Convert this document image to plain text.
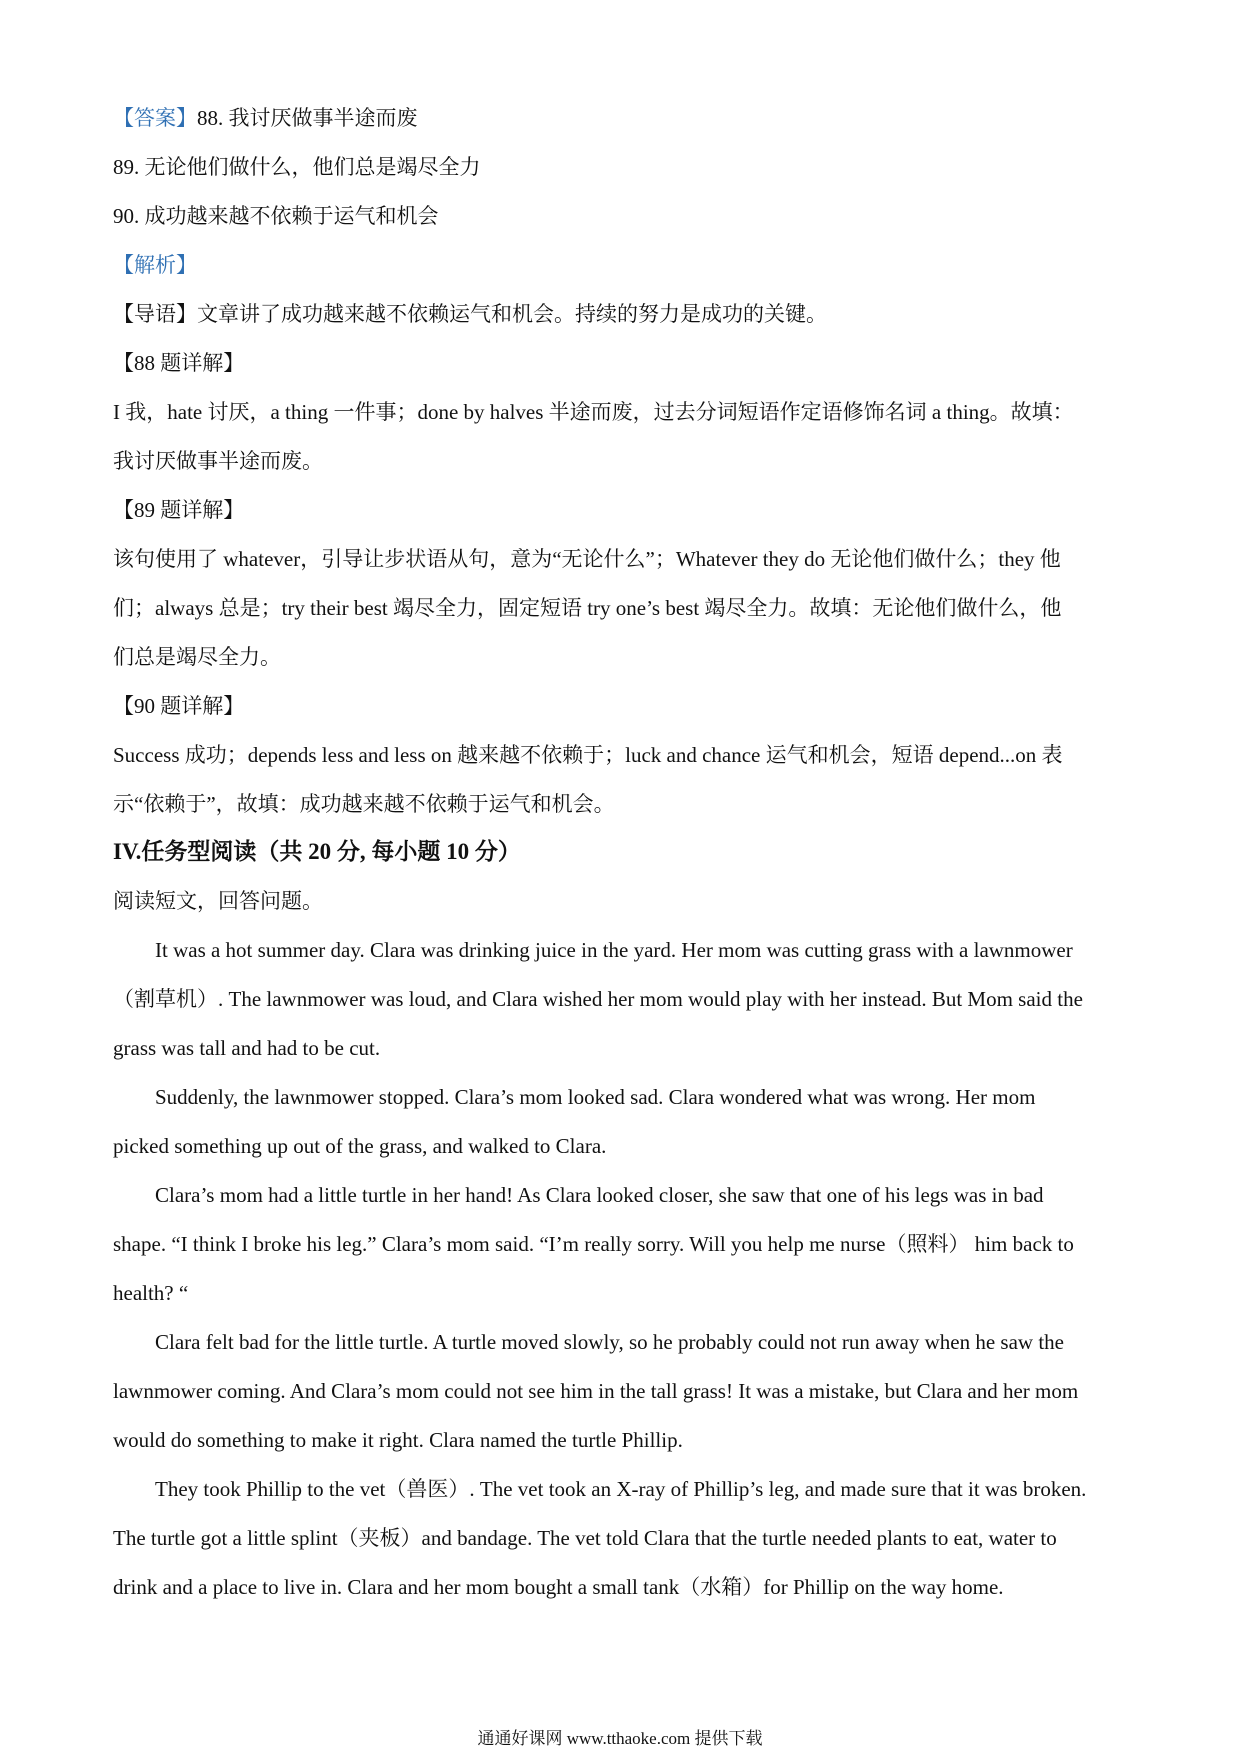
【答案】88. 我讨厌做事半途而废
89. 无论他们做什么，他们总是竭尽全力
90. 成功越来越不依赖于运气和机会
【解析】
【导语】文章讲了成功越来越不依赖运气和机会。持续的努力是成功的关键。
【88 题详解】
I 我，hate 讨厌，a thing 一件事；done by halves 半途而废，过去分词短语作定语修饰名词 a thing。故填：
我讨厌做事半途而废。
【89 题详解】
该句使用了 whatever，引导让步状语从句，意为“无论什么”；Whatever they do 无论他们做什么；they 他
们；always 总是；try their best 竭尽全力，固定短语 try one’s best 竭尽全力。故填：无论他们做什么，他
们总是竭尽全力。
【90 题详解】
Success 成功；depends less and less on 越来越不依赖于；luck and chance 运气和机会，短语 depend...on 表
示“依赖于”，故填：成功越来越不依赖于运气和机会。
IV.任务型阅读（共 20 分, 每小题 10 分）
阅读短文，回答问题。
It was a hot summer day. Clara was drinking juice in the yard. Her mom was cutting grass with a lawnmower
（割草机）. The lawnmower was loud, and Clara wished her mom would play with her instead. But Mom said the
grass was tall and had to be cut.
Suddenly, the lawnmower stopped. Clara’s mom looked sad. Clara wondered what was wrong. Her mom
picked something up out of the grass, and walked to Clara.
Clara’s mom had a little turtle in her hand! As Clara looked closer, she saw that one of his legs was in bad
shape. “I think I broke his leg.” Clara’s mom said. “I’m really sorry. Will you help me nurse（照料） him back to
health? “
Clara felt bad for the little turtle. A turtle moved slowly, so he probably could not run away when he saw the
lawnmower coming. And Clara’s mom could not see him in the tall grass! It was a mistake, but Clara and her mom
would do something to make it right. Clara named the turtle Phillip.
They took Phillip to the vet（兽医）. The vet took an X-ray of Phillip’s leg, and made sure that it was broken.
The turtle got a little splint（夹板）and bandage. The vet told Clara that the turtle needed plants to eat, water to
drink and a place to live in. Clara and her mom bought a small tank（水箱）for Phillip on the way home.
通通好课网 www.tthaoke.com 提供下载
